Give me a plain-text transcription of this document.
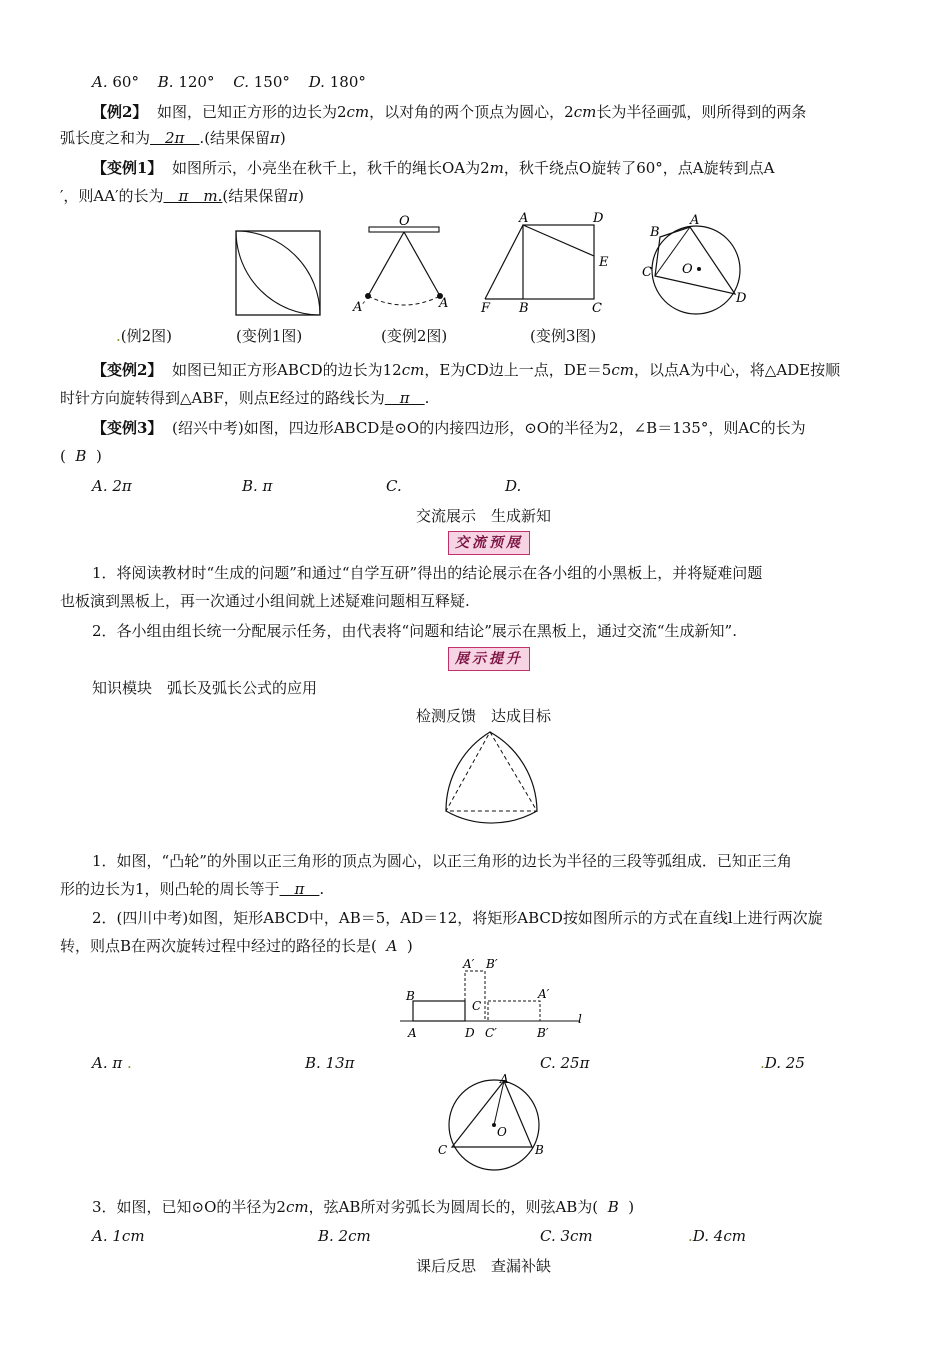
A. 60° B. 120° C. 150° D. 180°
【例2】 如图，已知正方形的边长为2cm，以对角的两个顶点为圆心，2cm长为半径画弧，则所得到的两条
弧长度之和为　2π　.(结果保留π)
【变例1】 如图所示，小亮坐在秋千上，秋千的绳长OA为2m，秋千绕点O旋转了60°，点A旋转到点A
′，则AA′的长为　π　m.(结果保留π)
O
A′	A
A	D
E
F B	C
A
B
C O
D
.(例2图)	(变例1图)	(变例2图)	(变例3图)
【变例2】 如图已知正方形ABCD的边长为12cm，E为CD边上一点，DE＝5cm，以点A为中心，将△ADE按顺
时针方向旋转得到△ABF，则点E经过的路线长为　π　.
【变例3】 (绍兴中考)如图，四边形ABCD是⊙O的内接四边形，⊙O的半径为2，∠B＝135°，则AC的长为
( B )
A. 2π	B. π	C.	D.
交流展示　生成新知
交流预展
1．将阅读教材时“生成的问题”和通过“自学互研”得出的结论展示在各小组的小黑板上，并将疑难问题
也板演到黑板上，再一次通过小组间就上述疑难问题相互释疑.
2．各小组由组长统一分配展示任务，由代表将“问题和结论”展示在黑板上，通过交流“生成新知”.
展示提升
知识模块　弧长及弧长公式的应用
检测反馈　达成目标
1．如图，“凸轮”的外围以正三角形的顶点为圆心，以正三角形的边长为半径的三段等弧组成．已知正三角
形的边长为1，则凸轮的周长等于　π　.
2．(四川中考)如图，矩形ABCD中，AB＝5，AD＝12，将矩形ABCD按如图所示的方式在直线l上进行两次旋
转，则点B在两次旋转过程中经过的路径的长是( A )
A′ B′
B
C
A′
A	D C′	B′
l
A. π .	B. 13π	C. 25π	.D. 25
A
O
C	B
3．如图，已知⊙O的半径为2cm，弦AB所对劣弧长为圆周长的，则弦AB为( B )
A. 1cm	B. 2cm	C. 3cm	.D. 4cm
课后反思　查漏补缺
